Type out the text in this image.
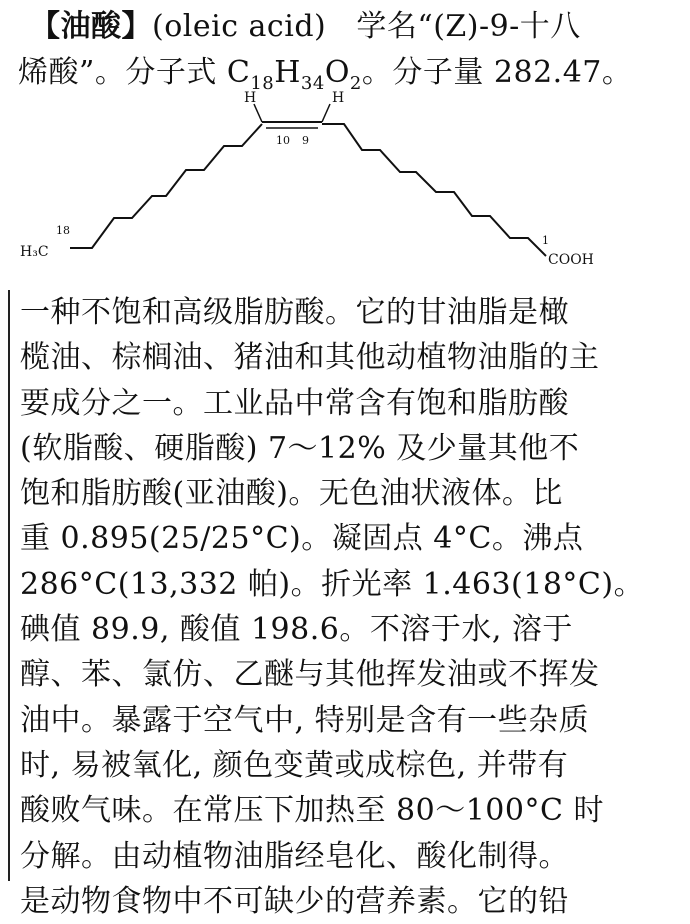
【油酸】(oleic acid) 学名“(Z)-9-十八
烯酸”。分子式 $C_{18}H_{34}O_2$。分子量 282.47。
H	H
10 9
18
H₃C
1
COOH
一种不饱和高级脂肪酸。它的甘油脂是橄
榄油、棕榈油、猪油和其他动植物油脂的主
要成分之一。工业品中常含有饱和脂肪酸
(软脂酸、硬脂酸) 7～12% 及少量其他不
饱和脂肪酸(亚油酸)。无色油状液体。比
重 0.895(25/25°C)。凝固点 4°C。沸点
286°C(13,332 帕)。折光率 1.463(18°C)。
碘值 89.9, 酸值 198.6。不溶于水, 溶于
醇、苯、氯仿、乙醚与其他挥发油或不挥发
油中。暴露于空气中, 特别是含有一些杂质
时, 易被氧化, 颜色变黄或成棕色, 并带有
酸败气味。在常压下加热至 80～100°C 时
分解。由动植物油脂经皂化、酸化制得。
是动物食物中不可缺少的营养素。它的铅
